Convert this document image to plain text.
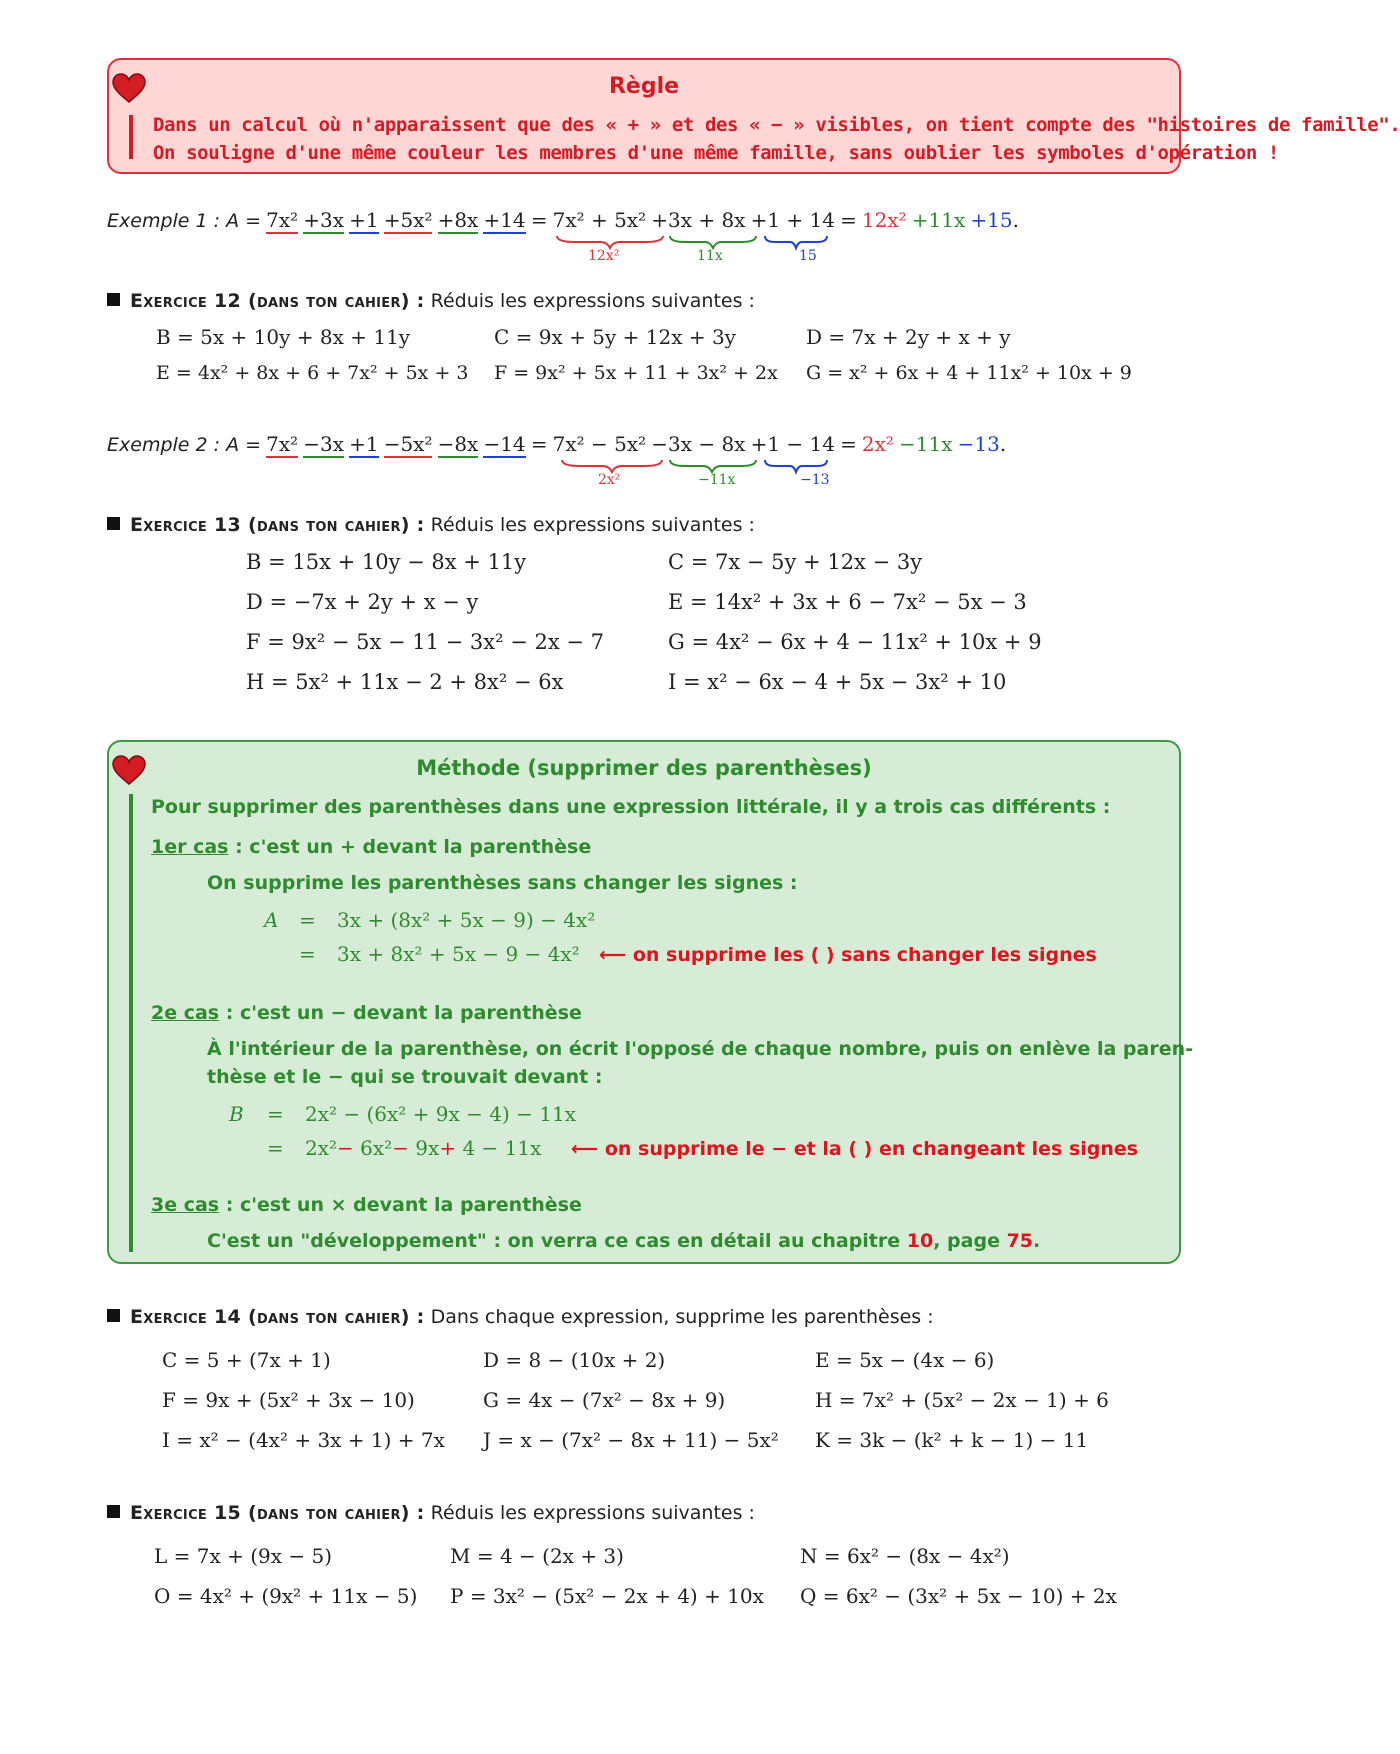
Règle
Dans un calcul où n'apparaissent que des « + » et des « − » visibles, on tient compte des "histoires de famille".
On souligne d'une même couleur les membres d'une même famille, sans oublier les symboles d'opération !
Exemple 1 : A = 7x² +3x +1 +5x² +8x +14 = 7x² + 5x² +3x + 8x +1 + 14 = 12x² +11x +15.
12x²	11x	15
Exercice 12 (dans ton cahier) : Réduis les expressions suivantes :
B = 5x + 10y + 8x + 11y	C = 9x + 5y + 12x + 3y	D = 7x + 2y + x + y
E = 4x² + 8x + 6 + 7x² + 5x + 3 F = 9x² + 5x + 11 + 3x² + 2x G = x² + 6x + 4 + 11x² + 10x + 9
Exemple 2 : A = 7x² −3x +1 −5x² −8x −14 = 7x² − 5x² −3x − 8x +1 − 14 = 2x² −11x −13.
2x²	−11x	−13
Exercice 13 (dans ton cahier) : Réduis les expressions suivantes :
B = 15x + 10y − 8x + 11y	C = 7x − 5y + 12x − 3y
D = −7x + 2y + x − y	E = 14x² + 3x + 6 − 7x² − 5x − 3
F = 9x² − 5x − 11 − 3x² − 2x − 7	G = 4x² − 6x + 4 − 11x² + 10x + 9
H = 5x² + 11x − 2 + 8x² − 6x	I = x² − 6x − 4 + 5x − 3x² + 10
Méthode (supprimer des parenthèses)
Pour supprimer des parenthèses dans une expression littérale, il y a trois cas différents :
1er cas : c'est un + devant la parenthèse
On supprime les parenthèses sans changer les signes :
A = 3x + (8x² + 5x − 9) − 4x²
= 3x + 8x² + 5x − 9 − 4x² ⟵ on supprime les ( ) sans changer les signes
2e cas : c'est un − devant la parenthèse
À l'intérieur de la parenthèse, on écrit l'opposé de chaque nombre, puis on enlève la paren-
thèse et le − qui se trouvait devant :
B = 2x² − (6x² + 9x − 4) − 11x
= 2x²− 6x²− 9x+ 4 − 11x ⟵ on supprime le − et la ( ) en changeant les signes
3e cas : c'est un × devant la parenthèse
C'est un "développement" : on verra ce cas en détail au chapitre 10, page 75.
Exercice 14 (dans ton cahier) : Dans chaque expression, supprime les parenthèses :
C = 5 + (7x + 1)	D = 8 − (10x + 2)	E = 5x − (4x − 6)
F = 9x + (5x² + 3x − 10)	G = 4x − (7x² − 8x + 9)	H = 7x² + (5x² − 2x − 1) + 6
I = x² − (4x² + 3x + 1) + 7x J = x − (7x² − 8x + 11) − 5x² K = 3k − (k² + k − 1) − 11
Exercice 15 (dans ton cahier) : Réduis les expressions suivantes :
L = 7x + (9x − 5)	M = 4 − (2x + 3)	N = 6x² − (8x − 4x²)
O = 4x² + (9x² + 11x − 5) P = 3x² − (5x² − 2x + 4) + 10x Q = 6x² − (3x² + 5x − 10) + 2x
